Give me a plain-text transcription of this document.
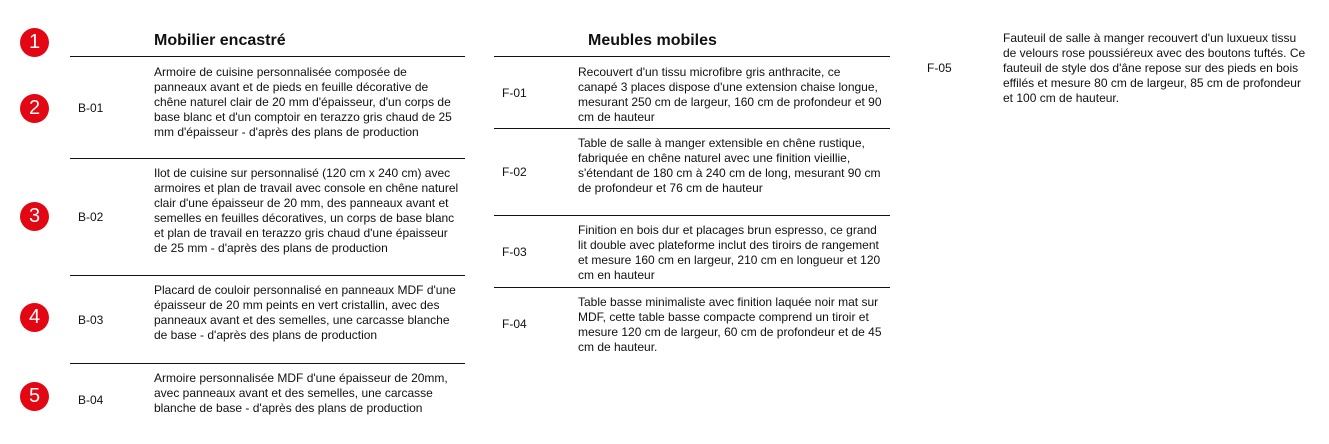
1
2
3
4
5
Mobilier encastré
B-01
Armoire de cuisine personnalisée composée de panneaux avant et de pieds en feuille décorative de chêne naturel clair de 20 mm d'épaisseur, d'un corps de base blanc et d'un comptoir en terazzo gris chaud de 25 mm d'épaisseur - d'après des plans de production
B-02
Ilot de cuisine sur personnalisé (120 cm x 240 cm) avec armoires et plan de travail avec console en chêne naturel clair d'une épaisseur de 20 mm, des panneaux avant et semelles en feuilles décoratives, un corps de base blanc et plan de travail en terazzo gris chaud d'une épaisseur de 25 mm - d'après des plans de production
B-03
Placard de couloir personnalisé en panneaux MDF d'une épaisseur de 20 mm peints en vert cristallin, avec des panneaux avant et des semelles, une carcasse blanche de base - d'après des plans de production
B-04
Armoire personnalisée MDF d'une épaisseur de 20mm, avec panneaux avant et des semelles, une carcasse blanche de base - d'après des plans de production
Meubles mobiles
F-01
Recouvert d'un tissu microfibre gris anthracite, ce canapé 3 places dispose d'une extension chaise longue, mesurant 250 cm de largeur, 160 cm de profondeur et 90 cm de hauteur
F-02
Table de salle à manger extensible en chêne rustique, fabriquée en chêne naturel avec une finition vieillie, s'étendant de 180 cm à 240 cm de long, mesurant 90 cm de profondeur et 76 cm de hauteur
F-03
Finition en bois dur et placages brun espresso, ce grand lit double avec plateforme inclut des tiroirs de rangement et mesure 160 cm en largeur, 210 cm en longueur et 120 cm en hauteur
F-04
Table basse minimaliste avec finition laquée noir mat sur MDF, cette table basse compacte comprend un tiroir et mesure 120 cm de largeur, 60 cm de profondeur et de 45 cm de hauteur.
F-05
Fauteuil de salle à manger recouvert d'un luxueux tissu de velours rose poussiéreux avec des boutons tuftés. Ce fauteuil de style dos d'âne repose sur des pieds en bois effilés et mesure 80 cm de largeur, 85 cm de profondeur et 100 cm de hauteur.
